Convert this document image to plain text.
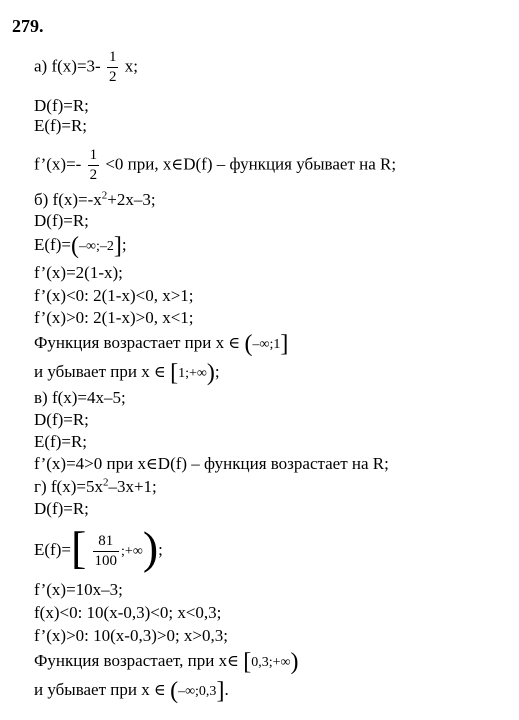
279.
а) $f(x)=3- \frac{1}{2} x$;
D(f)=R;
E(f)=R;
f’(x)=- $\frac{1}{2} <0$ при, x∈D(f) – функция убывает на R;
б) $f(x)=-x^2+2x-3$;
D(f)=R;
E(f)=(–∞;–2];
f’(x)=2(1-x);
f’(x)<0: 2(1-x)<0, x>1;
f’(x)>0: 2(1-x)>0, x<1;
Функция возрастает при x ∈ (–∞;1]
и убывает при x ∈ [1;+∞);
в) f(x)=4x–5;
D(f)=R;
E(f)=R;
f’(x)=4>0 при x∈D(f) – функция возрастает на R;
г) $f(x)=5x^2-3x+1$;
D(f)=R;
$E(f)=[ \frac{81}{100}$ ;+∞);
f’(x)=10x–3;
f(x)<0: 10(x-0,3)<0; x<0,3;
f’(x)>0: 10(x-0,3)>0; x>0,3;
Функция возрастает, при x∈ [0,3;+∞)
и убывает при x ∈ (–∞;0,3].
